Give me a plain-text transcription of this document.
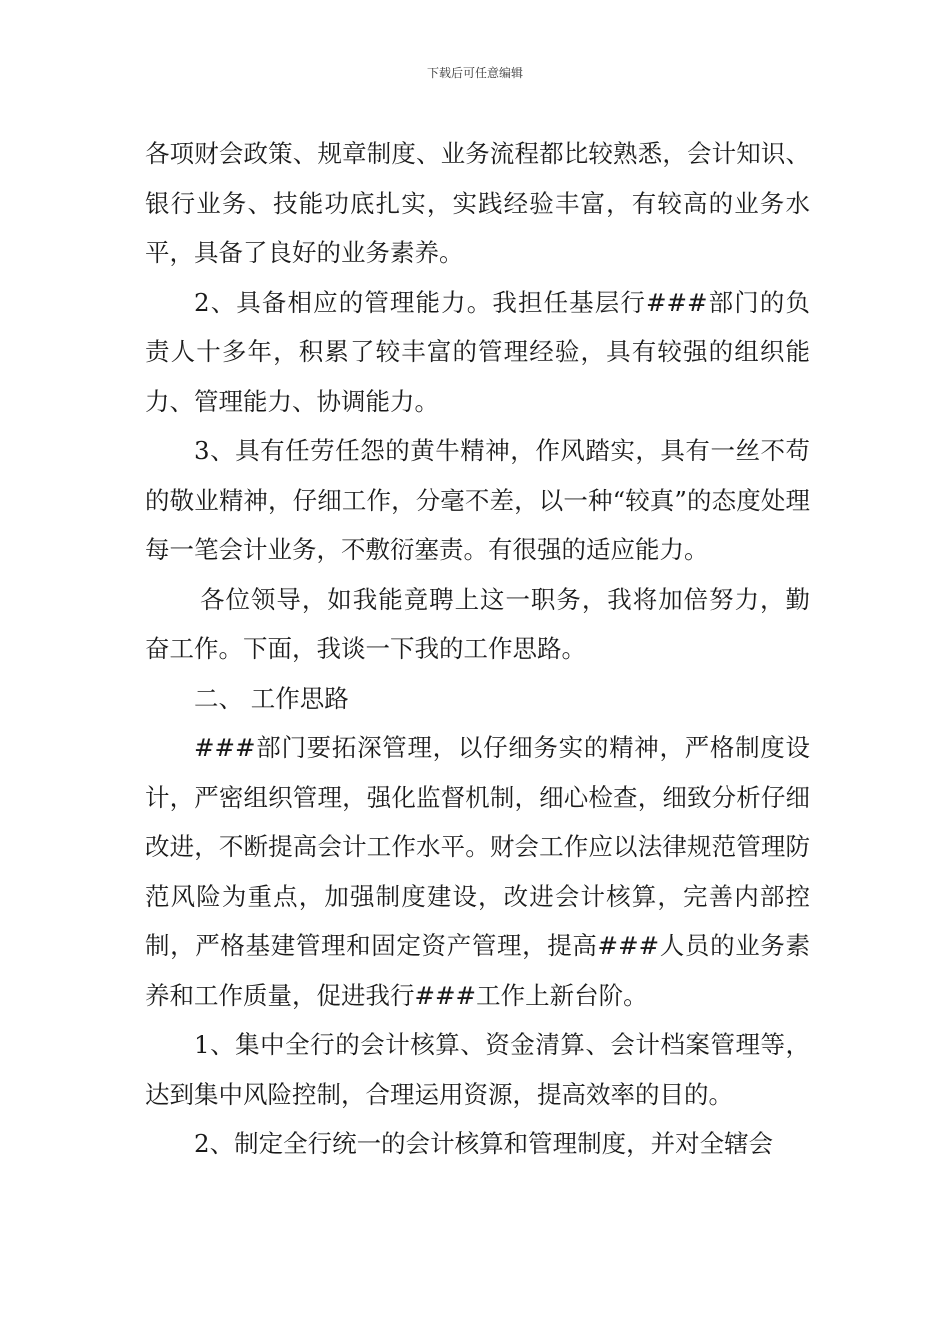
下载后可任意编辑

各项财会政策、规章制度、业务流程都比较熟悉，会计知识、银行业务、技能功底扎实，实践经验丰富，有较高的业务水平，具备了良好的业务素养。

2、具备相应的管理能力。我担任基层行###部门的负责人十多年，积累了较丰富的管理经验，具有较强的组织能力、管理能力、协调能力。

3、具有任劳任怨的黄牛精神，作风踏实，具有一丝不苟的敬业精神，仔细工作，分毫不差，以一种“较真”的态度处理每一笔会计业务，不敷衍塞责。有很强的适应能力。

各位领导，如我能竟聘上这一职务，我将加倍努力，勤奋工作。下面，我谈一下我的工作思路。

二、 工作思路

###部门要拓深管理，以仔细务实的精神，严格制度设计，严密组织管理，强化监督机制，细心检查，细致分析仔细改进，不断提高会计工作水平。财会工作应以法律规范管理防范风险为重点，加强制度建设，改进会计核算，完善内部控制，严格基建管理和固定资产管理，提高###人员的业务素养和工作质量，促进我行###工作上新台阶。

1、集中全行的会计核算、资金清算、会计档案管理等，达到集中风险控制，合理运用资源，提高效率的目的。

2、制定全行统一的会计核算和管理制度，并对全辖会
